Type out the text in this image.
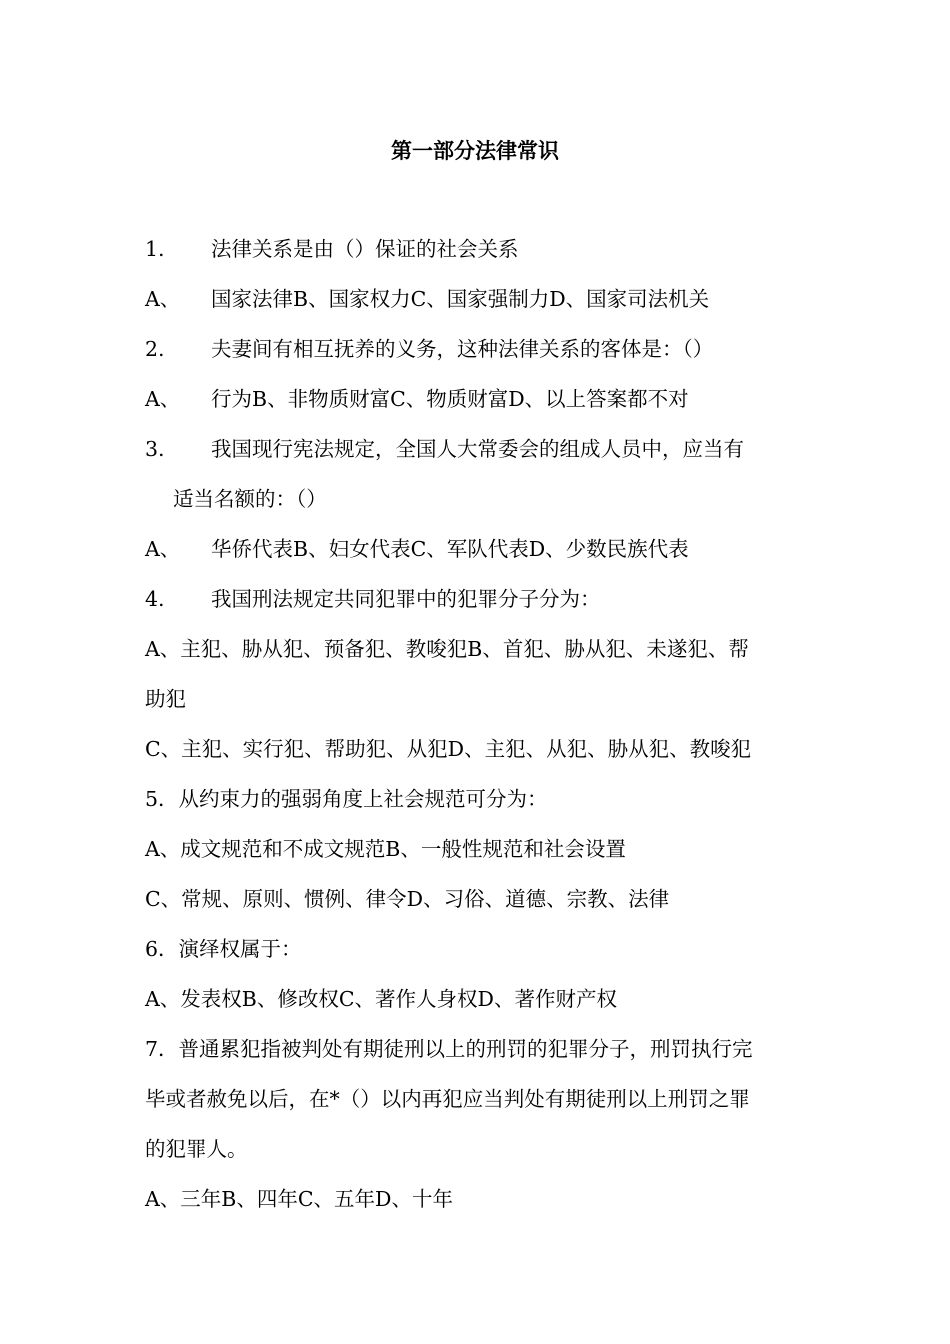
第一部分法律常识
1. 法律关系是由（）保证的社会关系
A、 国家法律B、国家权力C、国家强制力D、国家司法机关
2. 夫妻间有相互抚养的义务，这种法律关系的客体是：（）
A、 行为B、非物质财富C、物质财富D、以上答案都不对
3. 我国现行宪法规定，全国人大常委会的组成人员中，应当有
适当名额的：（）
A、 华侨代表B、妇女代表C、军队代表D、少数民族代表
4. 我国刑法规定共同犯罪中的犯罪分子分为：
A、主犯、胁从犯、预备犯、教唆犯B、首犯、胁从犯、未遂犯、帮
助犯
C、主犯、实行犯、帮助犯、从犯D、主犯、从犯、胁从犯、教唆犯
5．从约束力的强弱角度上社会规范可分为：
A、成文规范和不成文规范B、一般性规范和社会设置
C、常规、原则、惯例、律令D、习俗、道德、宗教、法律
6．演绎权属于：
A、发表权B、修改权C、著作人身权D、著作财产权
7．普通累犯指被判处有期徒刑以上的刑罚的犯罪分子，刑罚执行完
毕或者赦免以后，在*（）以内再犯应当判处有期徒刑以上刑罚之罪
的犯罪人。
A、三年B、四年C、五年D、十年
